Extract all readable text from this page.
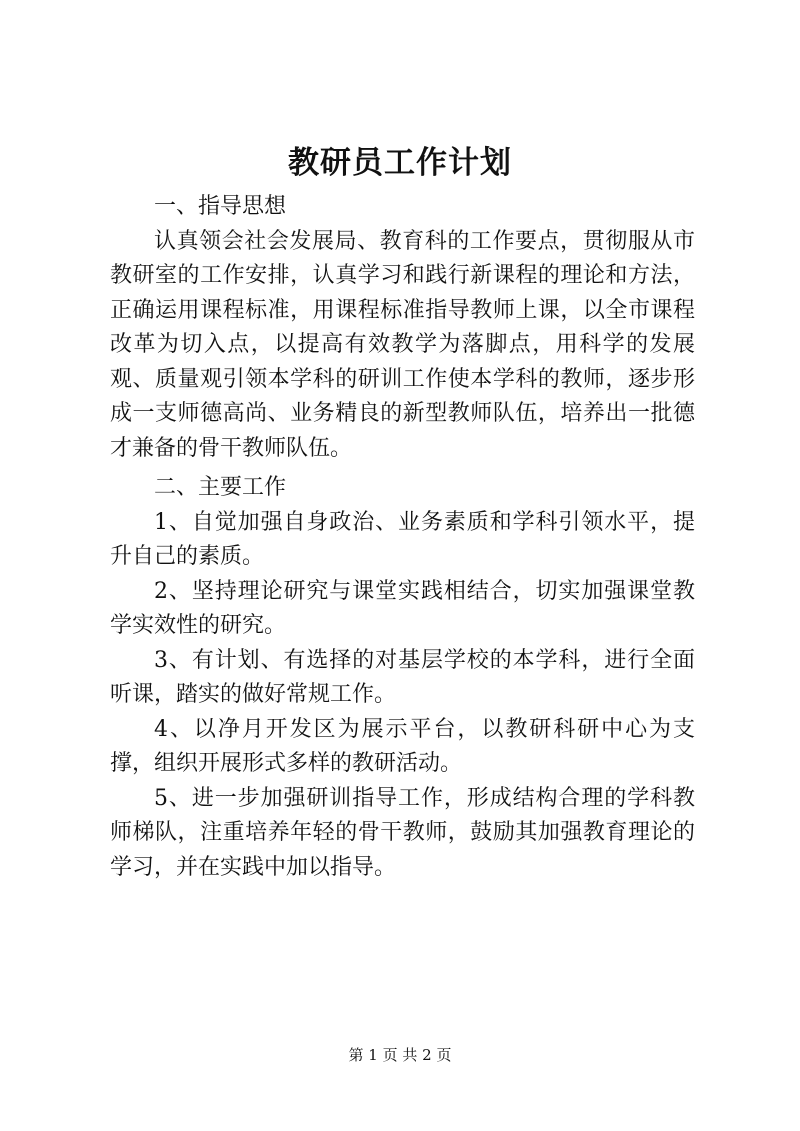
教研员工作计划

一、指导思想

认真领会社会发展局、教育科的工作要点，贯彻服从市教研室的工作安排，认真学习和践行新课程的理论和方法，正确运用课程标准，用课程标准指导教师上课，以全市课程改革为切入点，以提高有效教学为落脚点，用科学的发展观、质量观引领本学科的研训工作使本学科的教师，逐步形成一支师德高尚、业务精良的新型教师队伍，培养出一批德才兼备的骨干教师队伍。

二、主要工作

1、自觉加强自身政治、业务素质和学科引领水平，提升自己的素质。

2、坚持理论研究与课堂实践相结合，切实加强课堂教学实效性的研究。

3、有计划、有选择的对基层学校的本学科，进行全面听课，踏实的做好常规工作。

4、以净月开发区为展示平台，以教研科研中心为支撑，组织开展形式多样的教研活动。

5、进一步加强研训指导工作，形成结构合理的学科教师梯队，注重培养年轻的骨干教师，鼓励其加强教育理论的学习，并在实践中加以指导。

第 1 页 共 2 页
